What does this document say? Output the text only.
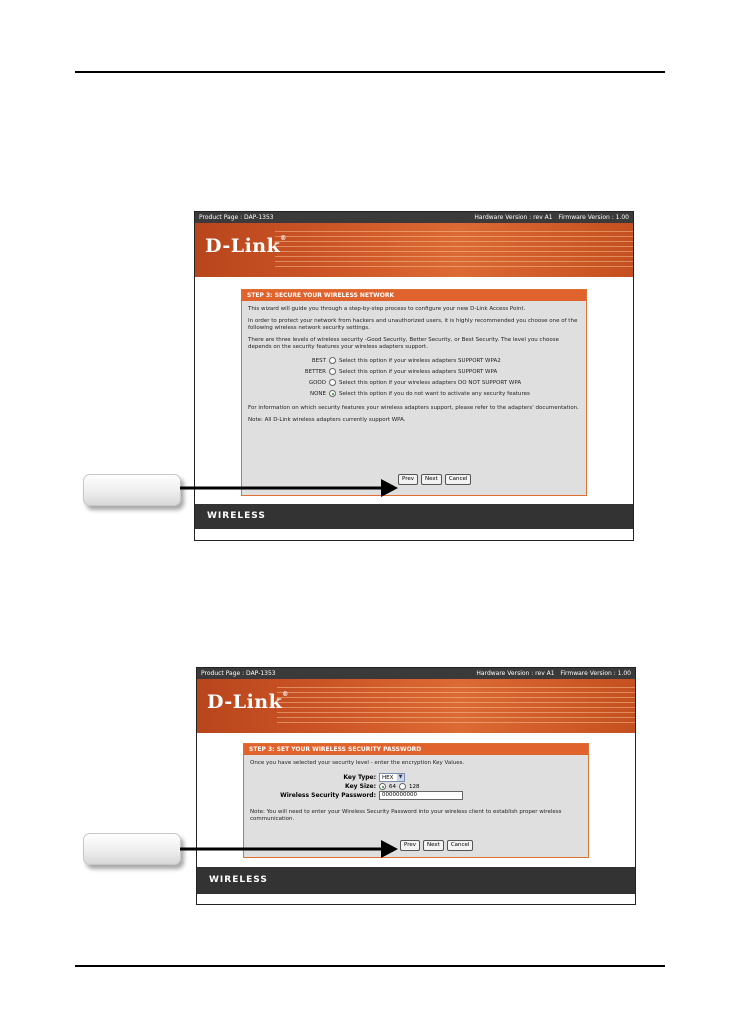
Product Page : DAP-1353	Hardware Version : rev A1 Firmware Version : 1.00
D-Link®
STEP 3: SECURE YOUR WIRELESS NETWORK

This wizard will guide you through a step-by-step process to configure your new D-Link Access Point.

In order to protect your network from hackers and unauthorized users, it is highly recommended you choose one of the following wireless network security settings.

There are three levels of wireless security -Good Security, Better Security, or Best Security. The level you choose depends on the security features your wireless adapters support.

BEST	Select this option if your wireless adapters SUPPORT WPA2
BETTER	Select this option if your wireless adapters SUPPORT WPA
GOOD	Select this option if your wireless adapters DO NOT SUPPORT WPA
NONE	Select this option if you do not want to activate any security features

For information on which security features your wireless adapters support, please refer to the adapters' documentation.

Note: All D-Link wireless adapters currently support WPA.

Prev	Next	Cancel
WIRELESS
Product Page : DAP-1353	Hardware Version : rev A1 Firmware Version : 1.00
D-Link®
STEP 3: SET YOUR WIRELESS SECURITY PASSWORD

Once you have selected your security level - enter the encryption Key Values.

Key Type:	HEX	▼
Key Size:	64 128
Wireless Security Password:	0000000000

Note: You will need to enter your Wireless Security Password into your wireless client to establish proper wireless communication.

Prev	Next	Cancel
WIRELESS
